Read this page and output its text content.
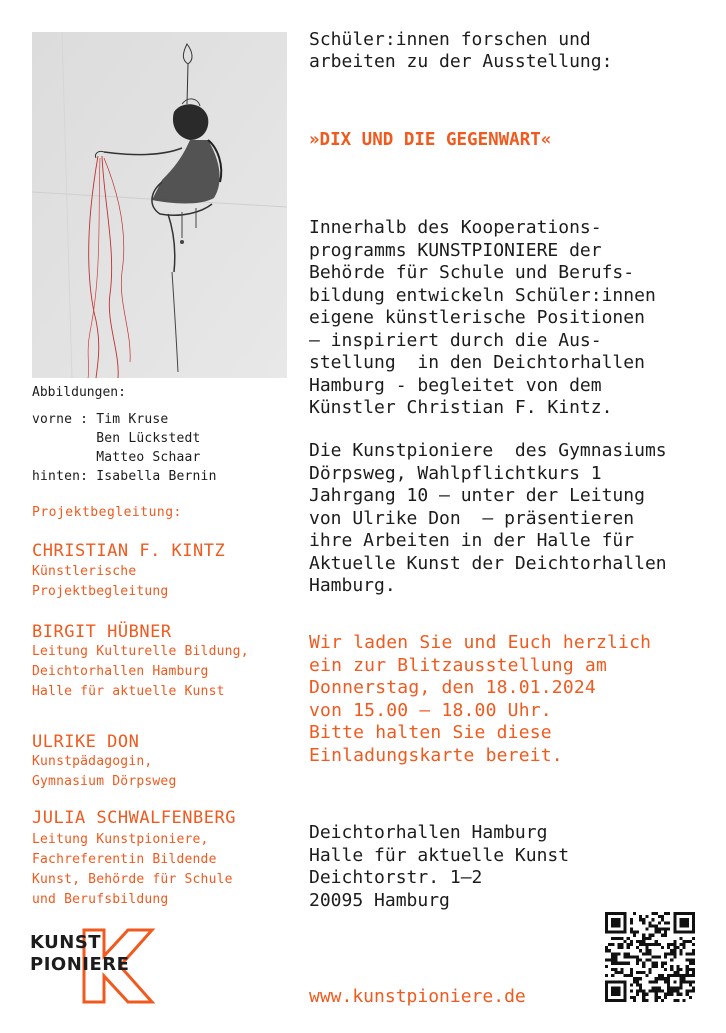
Abbildungen:
vorne : Tim Kruse
Ben Lückstedt
Matteo Schaar
hinten: Isabella Bernin
Projektbegleitung:
CHRISTIAN F. KINTZ
Künstlerische
Projektbegleitung
BIRGIT HÜBNER
Leitung Kulturelle Bildung,
Deichtorhallen Hamburg
Halle für aktuelle Kunst
ULRIKE DON
Kunstpädagogin,
Gymnasium Dörpsweg
JULIA SCHWALFENBERG
Leitung Kunstpioniere,
Fachreferentin Bildende
Kunst, Behörde für Schule
und Berufsbildung
KUNST
PIONIERE
Schüler:innen forschen und
arbeiten zu der Ausstellung:
»DIX UND DIE GEGENWART«
Innerhalb des Kooperations-
programms KUNSTPIONIERE der
Behörde für Schule und Berufs-
bildung entwickeln Schüler:innen
eigene künstlerische Positionen
– inspiriert durch die Aus-
stellung  in den Deichtorhallen
Hamburg - begleitet von dem
Künstler Christian F. Kintz.
Die Kunstpioniere  des Gymnasiums
Dörpsweg, Wahlpflichtkurs 1
Jahrgang 10 – unter der Leitung
von Ulrike Don  – präsentieren
ihre Arbeiten in der Halle für
Aktuelle Kunst der Deichtorhallen
Hamburg.
Wir laden Sie und Euch herzlich
ein zur Blitzausstellung am
Donnerstag, den 18.01.2024
von 15.00 – 18.00 Uhr.
Bitte halten Sie diese
Einladungskarte bereit.
Deichtorhallen Hamburg
Halle für aktuelle Kunst
Deichtorstr. 1–2
20095 Hamburg
www.kunstpioniere.de
